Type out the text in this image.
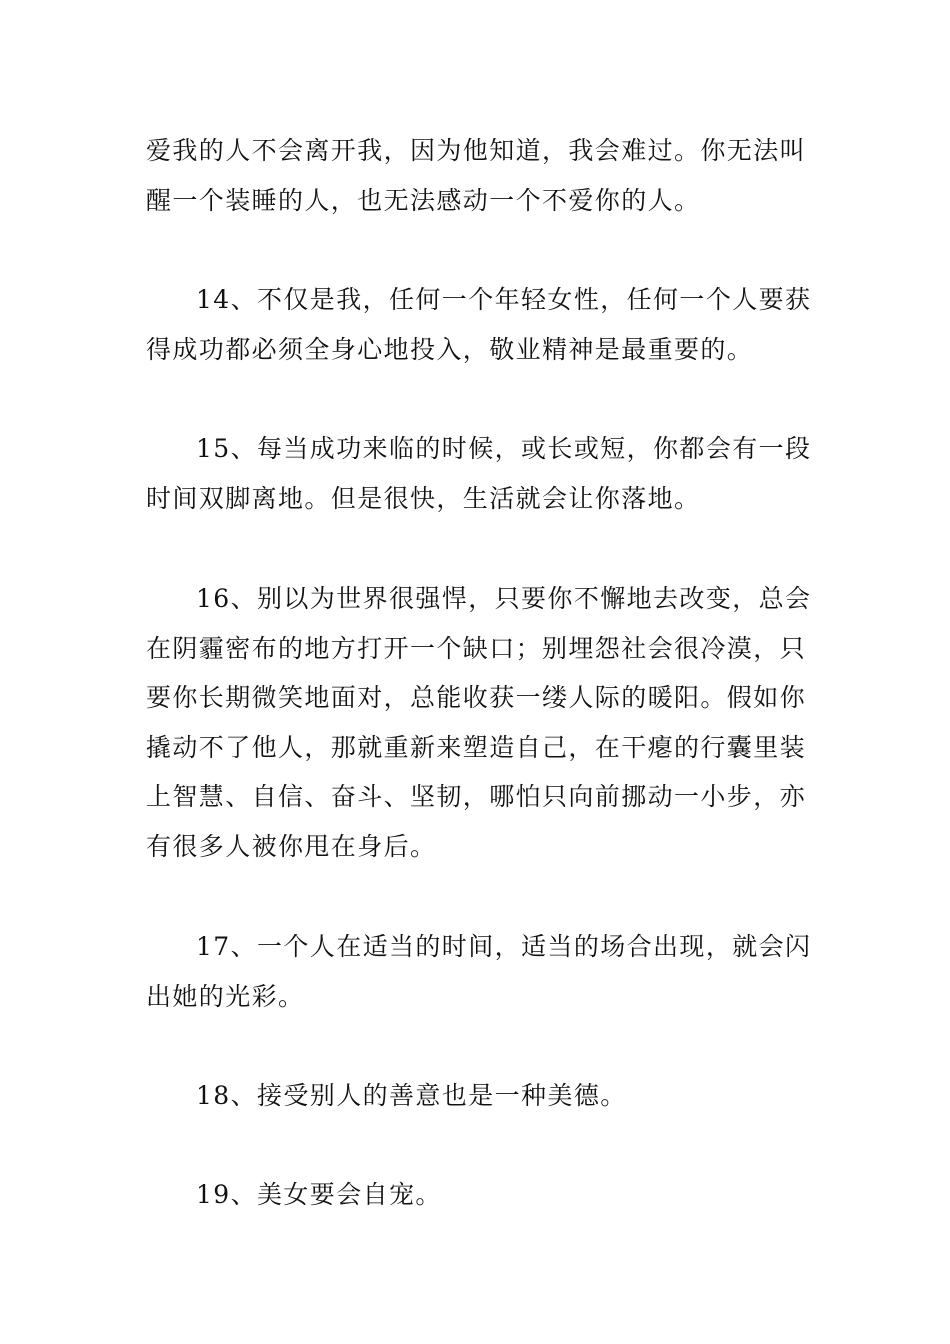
爱我的人不会离开我，因为他知道，我会难过。你无法叫
醒一个装睡的人，也无法感动一个不爱你的人。
14、不仅是我，任何一个年轻女性，任何一个人要获
得成功都必须全身心地投入，敬业精神是最重要的。
15、每当成功来临的时候，或长或短，你都会有一段
时间双脚离地。但是很快，生活就会让你落地。
16、别以为世界很强悍，只要你不懈地去改变，总会
在阴霾密布的地方打开一个缺口；别埋怨社会很冷漠，只
要你长期微笑地面对，总能收获一缕人际的暖阳。假如你
撬动不了他人，那就重新来塑造自己，在干瘪的行囊里装
上智慧、自信、奋斗、坚韧，哪怕只向前挪动一小步，亦
有很多人被你甩在身后。
17、一个人在适当的时间，适当的场合出现，就会闪
出她的光彩。
18、接受别人的善意也是一种美德。
19、美女要会自宠。
